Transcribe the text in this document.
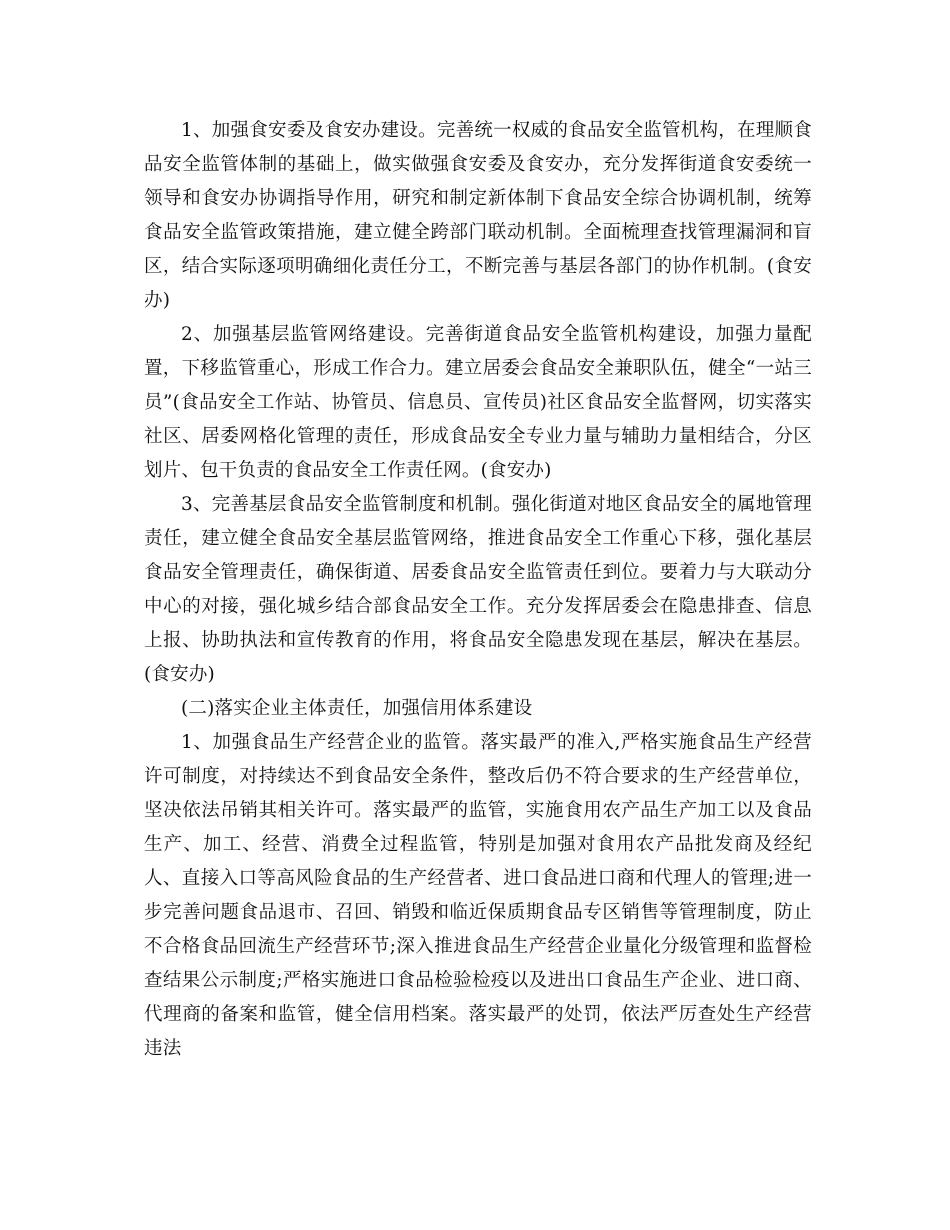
1、加强食安委及食安办建设。完善统一权威的食品安全监管机构，在理顺食品安全监管体制的基础上，做实做强食安委及食安办，充分发挥街道食安委统一领导和食安办协调指导作用，研究和制定新体制下食品安全综合协调机制，统筹食品安全监管政策措施，建立健全跨部门联动机制。全面梳理查找管理漏洞和盲区，结合实际逐项明确细化责任分工，不断完善与基层各部门的协作机制。(食安办)

2、加强基层监管网络建设。完善街道食品安全监管机构建设，加强力量配置，下移监管重心，形成工作合力。建立居委会食品安全兼职队伍，健全“一站三员”(食品安全工作站、协管员、信息员、宣传员)社区食品安全监督网，切实落实社区、居委网格化管理的责任，形成食品安全专业力量与辅助力量相结合，分区划片、包干负责的食品安全工作责任网。(食安办)

3、完善基层食品安全监管制度和机制。强化街道对地区食品安全的属地管理责任，建立健全食品安全基层监管网络，推进食品安全工作重心下移，强化基层食品安全管理责任，确保街道、居委食品安全监管责任到位。要着力与大联动分中心的对接，强化城乡结合部食品安全工作。充分发挥居委会在隐患排查、信息上报、协助执法和宣传教育的作用，将食品安全隐患发现在基层，解决在基层。(食安办)

(二)落实企业主体责任，加强信用体系建设

1、加强食品生产经营企业的监管。落实最严的准入,严格实施食品生产经营许可制度，对持续达不到食品安全条件，整改后仍不符合要求的生产经营单位，坚决依法吊销其相关许可。落实最严的监管，实施食用农产品生产加工以及食品生产、加工、经营、消费全过程监管，特别是加强对食用农产品批发商及经纪人、直接入口等高风险食品的生产经营者、进口食品进口商和代理人的管理;进一步完善问题食品退市、召回、销毁和临近保质期食品专区销售等管理制度，防止不合格食品回流生产经营环节;深入推进食品生产经营企业量化分级管理和监督检查结果公示制度;严格实施进口食品检验检疫以及进出口食品生产企业、进口商、代理商的备案和监管，健全信用档案。落实最严的处罚，依法严厉查处生产经营违法
